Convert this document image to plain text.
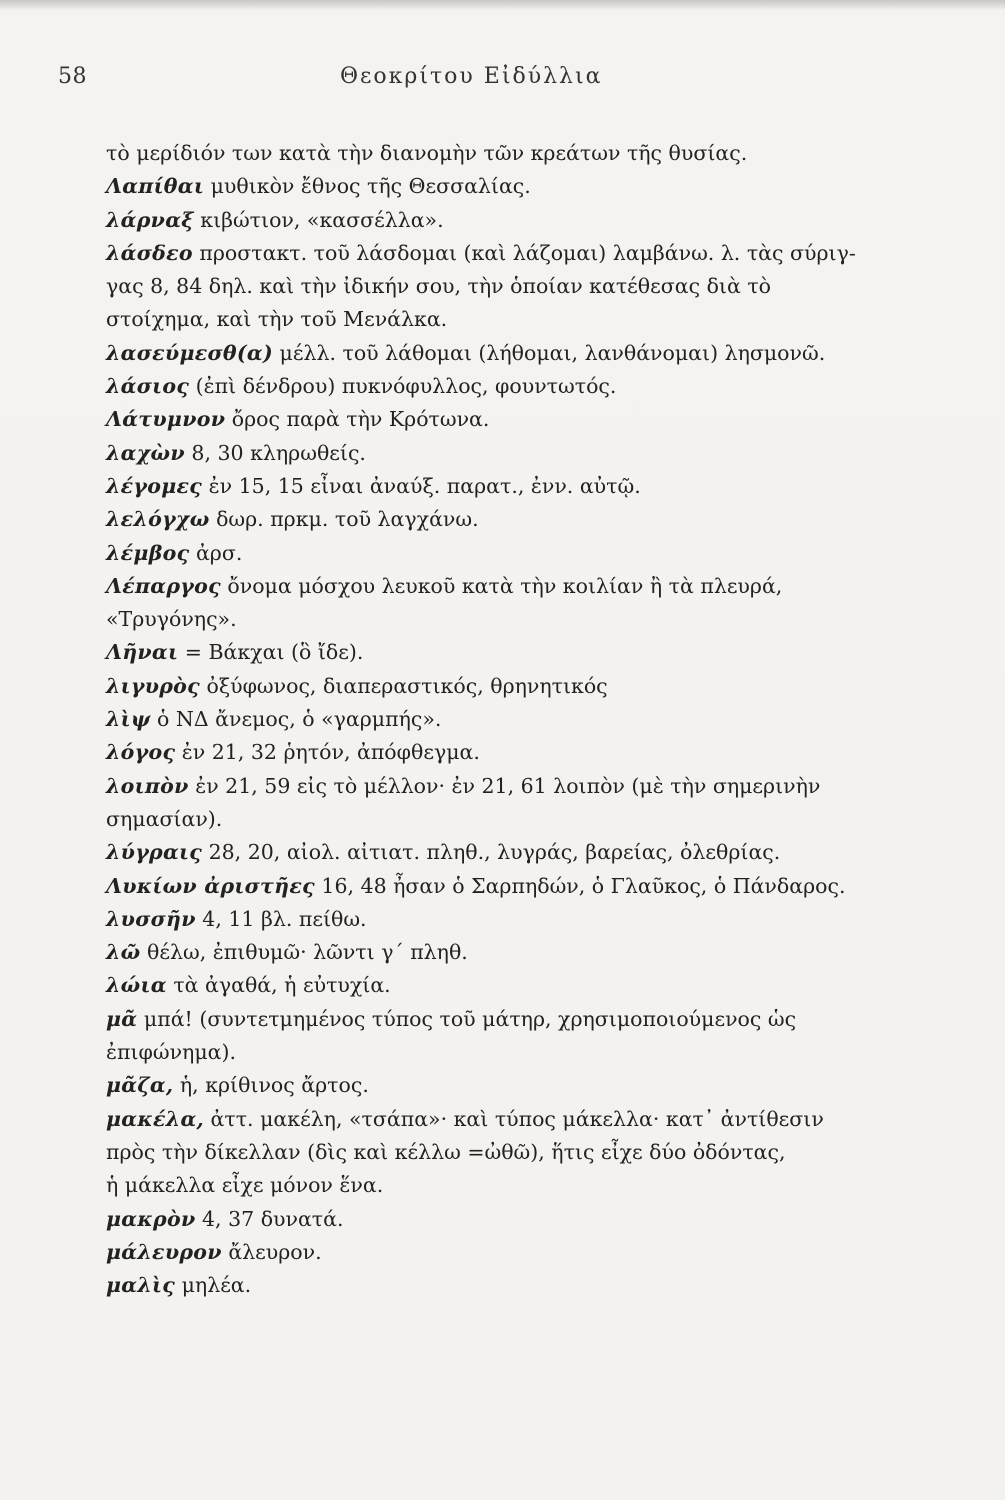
58	Θεοκρίτου Εἰδύλλια
τὸ μερίδιόν των κατὰ τὴν διανομὴν τῶν κρεάτων τῆς θυσίας.
Λαπίθαι μυθικὸν ἔθνος τῆς Θεσσαλίας.
λάρναξ κιβώτιον, «κασσέλλα».
λάσδεο προστακτ. τοῦ λάσδομαι (καὶ λάζομαι) λαμβάνω. λ. τὰς σύριγ-
γας 8, 84 δηλ. καὶ τὴν ἰδικήν σου, τὴν ὁποίαν κατέθεσας διὰ τὸ
στοίχημα, καὶ τὴν τοῦ Μενάλκα.
λασεύμεσθ(α) μέλλ. τοῦ λάθομαι (λήθομαι, λανθάνομαι) λησμονῶ.
λάσιος (ἐπὶ δένδρου) πυκνόφυλλος, φουντωτός.
Λάτυμνον ὄρος παρὰ τὴν Κρότωνα.
λαχὼν 8, 30 κληρωθείς.
λέγομες ἐν 15, 15 εἶναι ἀναύξ. παρατ., ἐνν. αὐτῷ.
λελόγχω δωρ. πρκμ. τοῦ λαγχάνω.
λέμβος ἀρσ.
Λέπαργος ὄνομα μόσχου λευκοῦ κατὰ τὴν κοιλίαν ἢ τὰ πλευρά,
«Τρυγόνης».
Λῆναι = Βάκχαι (ὃ ἴδε).
λιγυρὸς ὀξύφωνος, διαπεραστικός, θρηνητικός
λὶψ ὁ ΝΔ ἄνεμος, ὁ «γαρμπής».
λόγος ἐν 21, 32 ῥητόν, ἀπόφθεγμα.
λοιπὸν ἐν 21, 59 εἰς τὸ μέλλον· ἐν 21, 61 λοιπὸν (μὲ τὴν σημερινὴν
σημασίαν).
λύγραις 28, 20, αἰολ. αἰτιατ. πληθ., λυγράς, βαρείας, ὀλεθρίας.
Λυκίων ἀριστῆες 16, 48 ἦσαν ὁ Σαρπηδών, ὁ Γλαῦκος, ὁ Πάνδαρος.
λυσσῆν 4, 11 βλ. πείθω.
λῶ θέλω, ἐπιθυμῶ· λῶντι γ΄ πληθ.
λώια τὰ ἀγαθά, ἡ εὐτυχία.
μᾶ μπά! (συντετμημένος τύπος τοῦ μάτηρ, χρησιμοποιούμενος ὡς
ἐπιφώνημα).
μᾶζα, ἡ, κρίθινος ἄρτος.
μακέλα, ἀττ. μακέλη, «τσάπα»· καὶ τύπος μάκελλα· κατ᾽ ἀντίθεσιν
πρὸς τὴν δίκελλαν (δὶς καὶ κέλλω =ὠθῶ), ἥτις εἶχε δύο ὀδόντας,
ἡ μάκελλα εἶχε μόνον ἕνα.
μακρὸν 4, 37 δυνατά.
μάλευρον ἄλευρον.
μαλὶς μηλέα.
